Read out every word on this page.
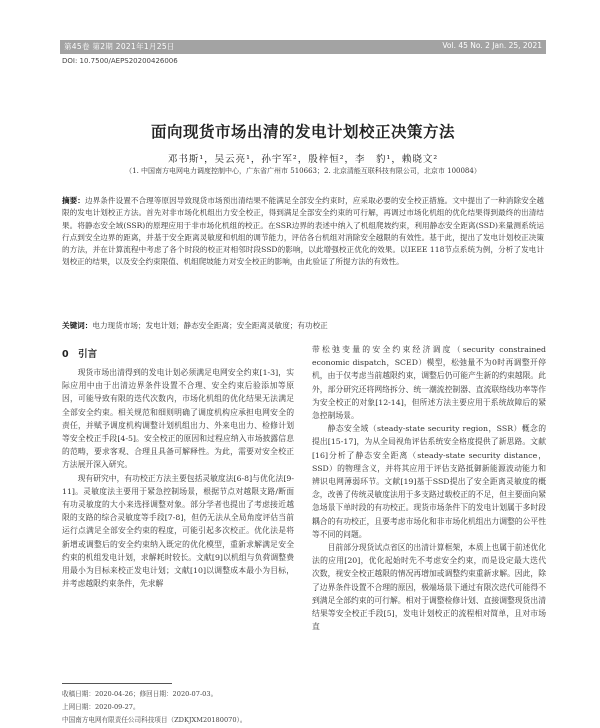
第45卷 第2期 2021年1月25日	Vol. 45 No. 2 Jan. 25, 2021
DOI: 10.7500/AEPS20200426006
面向现货市场出清的发电计划校正决策方法
邓书斯¹，吴云亮¹，孙宇军²，殷梓恒²，李　豹¹，赖晓文²
（1. 中国南方电网电力调度控制中心，广东省广州市 510663；2. 北京清能互联科技有限公司，北京市 100084）
摘要：边界条件设置不合理等原因导致现货市场预出清结果不能满足全部安全约束时，应采取必要的安全校正措施。文中提出了一种消除安全越限的发电计划校正方法。首先对非市场化机组出力安全校正，得到满足全部安全约束的可行解，再调过市场化机组的优化结果得到最终的出清结果。将静态安全域(SSR)的原理应用于非市场化机组的校正。在SSR边界的表述中纳入了机组爬坡约束，利用静态安全距离(SSD)来量测系统运行点到安全边界的距离，并基于安全距离灵敏度和机组的调节能力，评估各台机组对消除安全越限的有效性。基于此，提出了发电计划校正决策的方法，并在计算流程中考虑了各个时段的校正对相邻时段SSD的影响，以此增强校正优化的效果。以IEEE 118节点系统为例，分析了发电计划校正的结果，以及安全约束限值、机组爬坡能力对安全校正的影响，由此验证了所提方法的有效性。
关键词：电力现货市场；发电计划；静态安全距离；安全距离灵敏度；有功校正
0　引言

现货市场出清得到的发电计划必须满足电网安全约束[1-3]，实际应用中由于出清边界条件设置不合理、安全约束后验添加等原因，可能导致有限的迭代次数内，市场化机组的优化结果无法满足全部安全约束。相关规范和细则明确了调度机构应承担电网安全的责任，并赋予调度机构调整计划机组出力、外来电出力、检修计划等安全校正手段[4-5]。安全校正的原因和过程应纳入市场披露信息的范畴，要求客观、合理且具备可解释性。为此，需要对安全校正方法展开深入研究。

现有研究中，有功校正方法主要包括灵敏度法[6-8]与优化法[9-11]。灵敏度法主要用于紧急控制场景，根据节点对越限支路/断面有功灵敏度的大小来选择调整对象。部分学者也提出了考虑接近越限的支路的综合灵敏度等手段[7-8]，但仍无法从全局角度评估当前运行点满足全部安全约束的程度，可能引起多次校正。优化法是将新增或调整后的安全约束纳入既定的优化模型，重新求解满足安全约束的机组发电计划，求解耗时较长。文献[9]以机组与负荷调整费用最小为目标来校正发电计划；文献[10]以调整成本最小为目标，并考虑越限约束条件，先求解

带松弛变量的安全约束经济调度（security constrained economic dispatch，SCED）模型，松弛量不为0时再调整开停机，由于仅考虑当前越限约束，调整后仍可能产生新的约束越限。此外，部分研究还将网络拆分、统一潮流控制器、直流联络线功率等作为安全校正的对象[12-14]，但所述方法主要应用于系统故障后的紧急控制场景。

静态安全域（steady-state security region，SSR）概念的提出[15-17]，为从全局视角评估系统安全格度提供了新思路。文献[16]分析了静态安全距离（steady-state security distance，SSD）的物理含义，并将其应用于评估支路抵御新能源波动能力和辨识电网薄弱环节。文献[19]基于SSD提出了安全距离灵敏度的概念，改善了传统灵敏度法用于多支路过载校正的不足，但主要面向紧急场景下单时段的有功校正。现货市场条件下的发电计划属于多时段耦合的有功校正，且要考虑市场化和非市场化机组出力调整的公平性等不同的问题。

目前部分现货试点省区的出清计算框架，本质上也属于前述优化法的应用[20]，优化起始时先不考虑安全约束，而是设定最大迭代次数，视安全校正越限的情况再增加或调整约束重新求解。因此，除了边界条件设置不合理的原因，极端场景下通过有限次迭代可能得不到满足全部约束的可行解。相对于调整检修计划、直接调整现货出清结果等安全校正手段[5]，发电计划校正的流程相对简单，且对市场直

收稿日期：2020-04-26；修回日期：2020-07-03。
上网日期：2020-09-27。
中国南方电网有限责任公司科技项目（ZDKJXM20180070）。
